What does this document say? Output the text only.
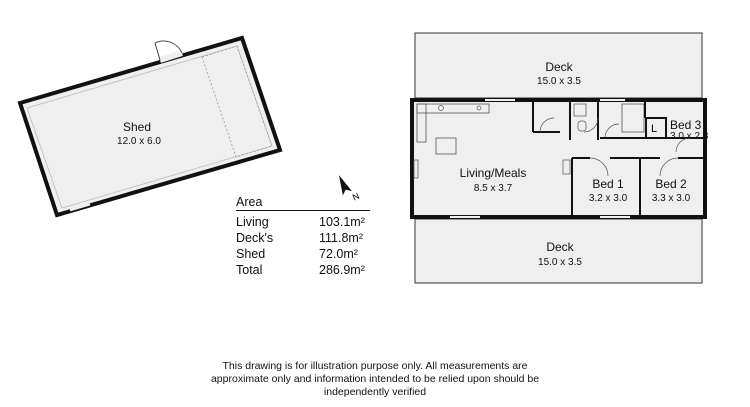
Shed
12.0 x 6.0
N
Deck
15.0 x 3.5
Deck
15.0 x 3.5
L
Living/Meals
8.5 x 3.7	Bed 1
3.2 x 3.0
Bed 2
3.3 x 3.0
Bed 3
3.0 x 2.8
Area
Living	103.1m²
Deck's	111.8m²
Shed	72.0m²
Total	286.9m²
This drawing is for illustration purpose only. All measurements are
approximate only and information intended to be relied upon should be
independently verified
